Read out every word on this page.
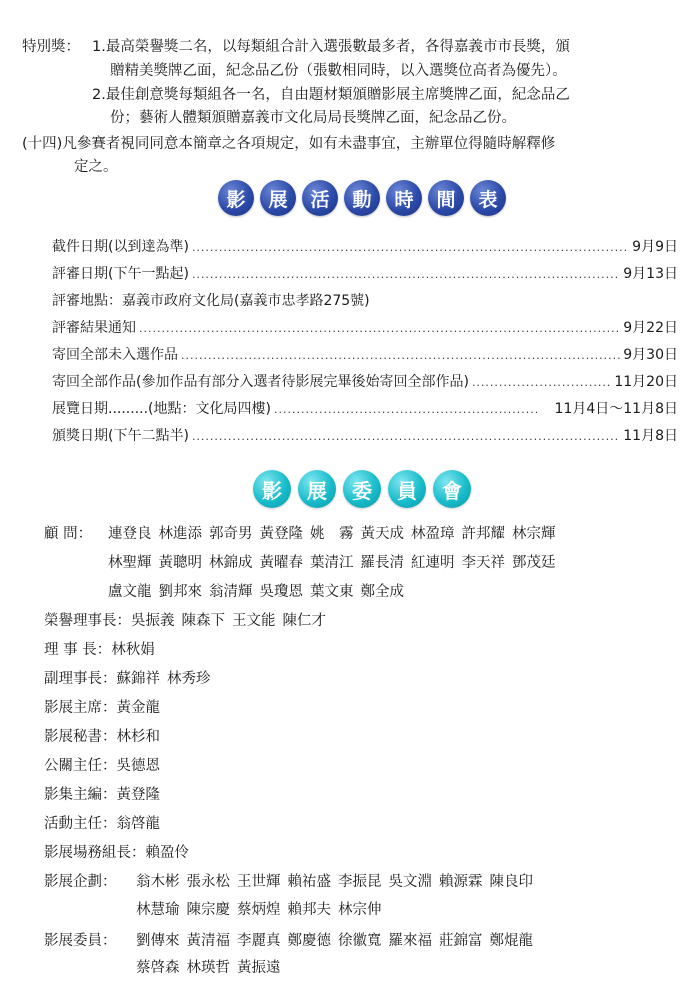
特別獎： 1.最高榮譽獎二名，以每類組合計入選張數最多者，各得嘉義市市長獎，頒
贈精美獎牌乙面，紀念品乙份（張數相同時，以入選獎位高者為優先）。
2.最佳創意獎每類組各一名，自由題材類頒贈影展主席獎牌乙面，紀念品乙
份；藝術人體類頒贈嘉義市文化局局長獎牌乙面，紀念品乙份。
(十四)凡參賽者視同同意本簡章之各項規定，如有未盡事宜，主辦單位得隨時解釋修
定之。
影	展	活	動	時	間	表
截件日期(以到達為準) .....	9月9日
評審日期(下午一點起) .....	9月13日
評審地點：嘉義市政府文化局(嘉義市忠孝路275號)
評審結果通知 .....	9月22日
寄回全部未入選作品 .....	9月30日
寄回全部作品(參加作品有部分入選者待影展完畢後始寄回全部作品) .....	11月20日
展覽日期.........(地點：文化局四樓) .....	11月4日～11月8日
頒獎日期(下午二點半) .....	11月8日
影	展	委	員	會
顧 問： 連登良 林進添 郭奇男 黃登隆 姚　霧 黃天成 林盈璋 許邦耀 林宗輝
林聖輝 黃聰明 林錦成 黃曜春 葉清江 羅長清 紅連明 李天祥 鄧茂廷
盧文龍 劉邦來 翁清輝 吳瓊恩 葉文東 鄭全成
榮譽理事長：吳振義 陳森下 王文能 陳仁才
理 事 長：林秋娟
副理事長：蘇錦祥 林秀珍
影展主席：黃金龍
影展秘書：林杉和
公關主任：吳德恩
影集主編：黃登隆
活動主任：翁啓龍
影展場務組長：賴盈伶
影展企劃： 翁木彬 張永松 王世輝 賴祐盛 李振昆 吳文淵 賴源霖 陳良印
林慧瑜 陳宗慶 蔡炳煌 賴邦夫 林宗伸
影展委員： 劉傳來 黃清福 李麗真 鄭慶德 徐徽寬 羅來福 莊錦富 鄭焜龍
蔡啓森 林瑛哲 黃振遠
